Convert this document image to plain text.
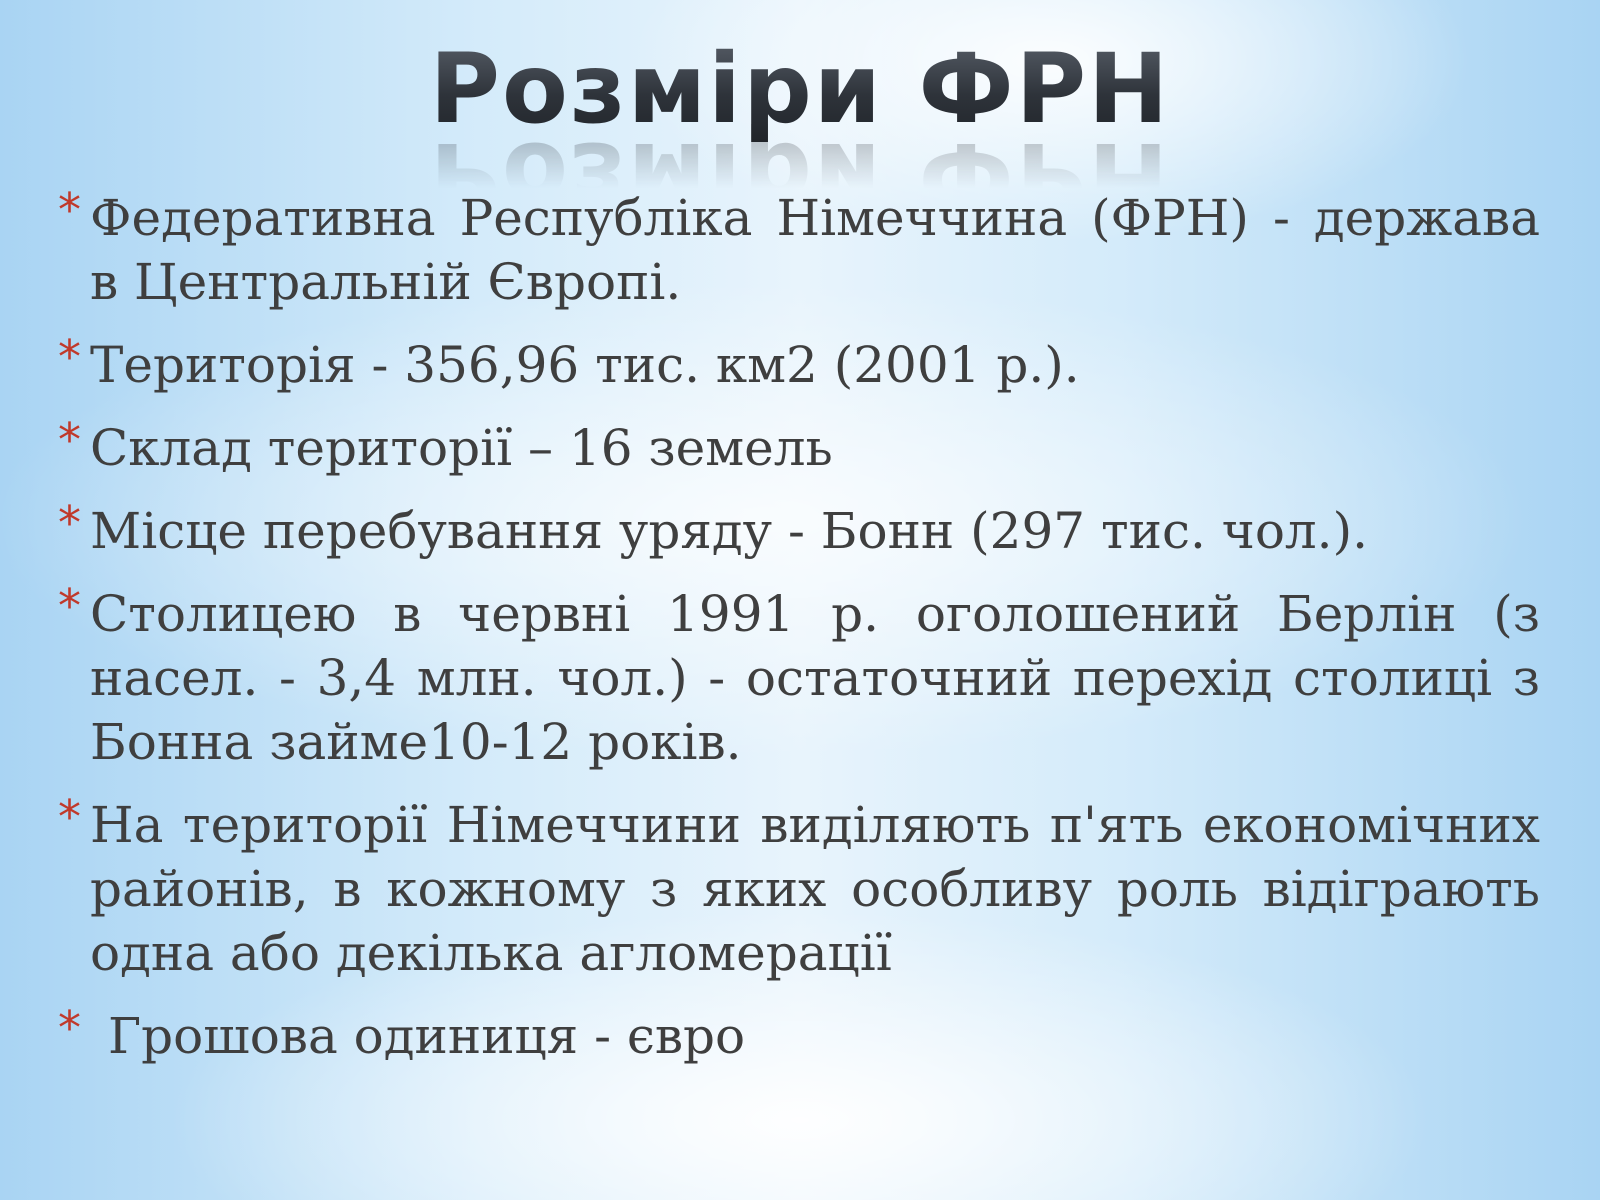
Розміри ФРН
* Федеративна Республіка Німеччина (ФРН) - держава в Центральній Європі.
* Територія - 356,96 тис. км2 (2001 р.).
* Склад території – 16 земель
* Місце перебування уряду - Бонн (297 тис. чол.).
* Столицею в червні 1991 р. оголошений Берлін (з насел. - 3,4 млн. чол.) - остаточний перехід столиці з Бонна займе10-12 років.
* На території Німеччини виділяють п'ять економічних районів, в кожному з яких особливу роль відіграють одна або декілька агломерації
* Грошова одиниця - євро
